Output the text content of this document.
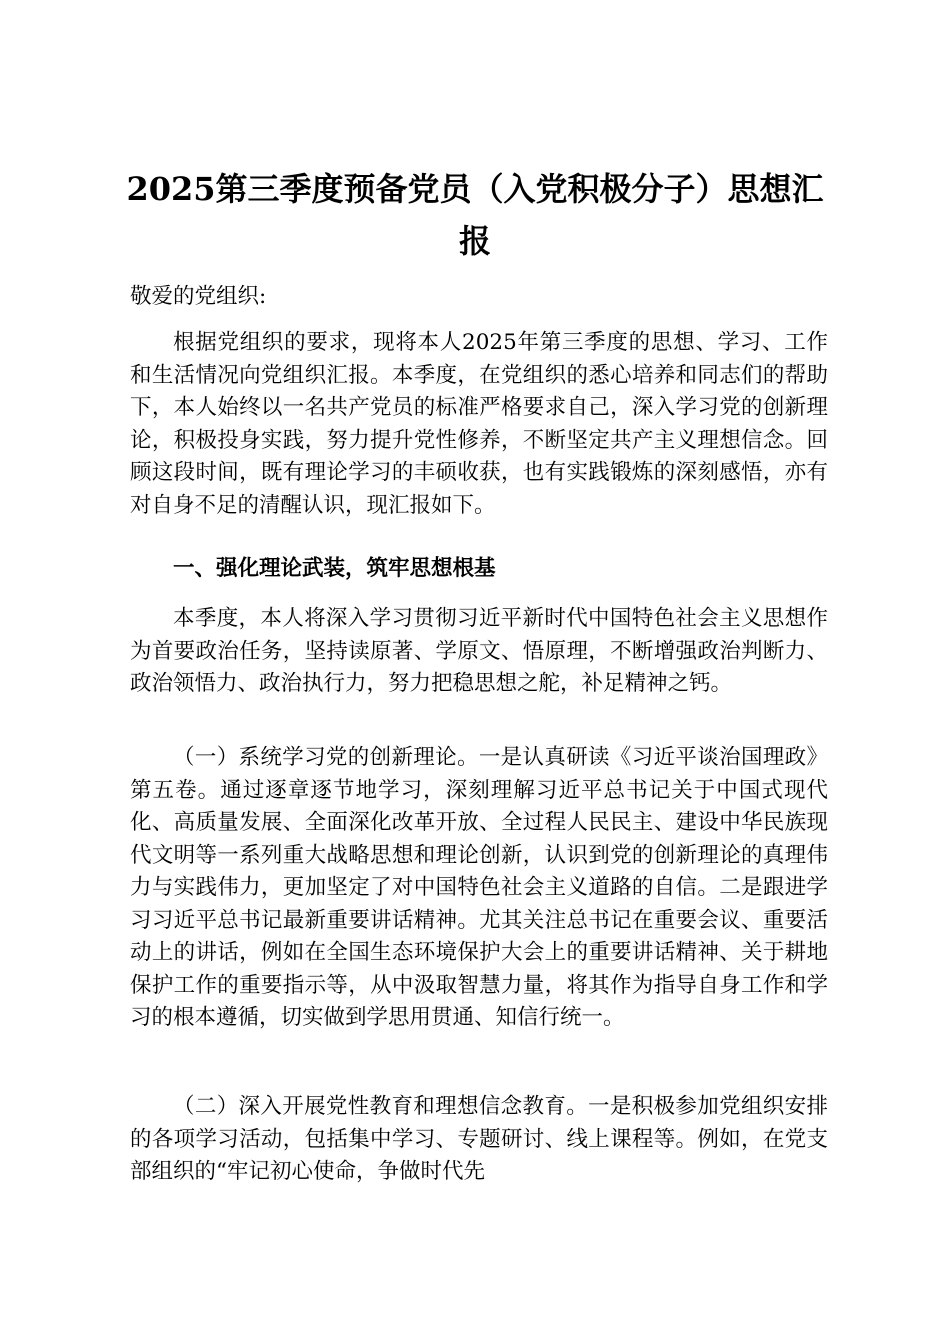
2025第三季度预备党员（入党积极分子）思想汇报
敬爱的党组织:
根据党组织的要求，现将本人2025年第三季度的思想、学习、工作和生活情况向党组织汇报。本季度，在党组织的悉心培养和同志们的帮助下，本人始终以一名共产党员的标准严格要求自己，深入学习党的创新理论，积极投身实践，努力提升党性修养，不断坚定共产主义理想信念。回顾这段时间，既有理论学习的丰硕收获，也有实践锻炼的深刻感悟，亦有对自身不足的清醒认识，现汇报如下。
一、强化理论武装，筑牢思想根基
本季度，本人将深入学习贯彻习近平新时代中国特色社会主义思想作为首要政治任务，坚持读原著、学原文、悟原理，不断增强政治判断力、政治领悟力、政治执行力，努力把稳思想之舵，补足精神之钙。
（一）系统学习党的创新理论。一是认真研读《习近平谈治国理政》第五卷。通过逐章逐节地学习，深刻理解习近平总书记关于中国式现代化、高质量发展、全面深化改革开放、全过程人民民主、建设中华民族现代文明等一系列重大战略思想和理论创新，认识到党的创新理论的真理伟力与实践伟力，更加坚定了对中国特色社会主义道路的自信。二是跟进学习习近平总书记最新重要讲话精神。尤其关注总书记在重要会议、重要活动上的讲话，例如在全国生态环境保护大会上的重要讲话精神、关于耕地保护工作的重要指示等，从中汲取智慧力量，将其作为指导自身工作和学习的根本遵循，切实做到学思用贯通、知信行统一。
（二）深入开展党性教育和理想信念教育。一是积极参加党组织安排的各项学习活动，包括集中学习、专题研讨、线上课程等。例如，在党支部组织的“牢记初心使命，争做时代先
